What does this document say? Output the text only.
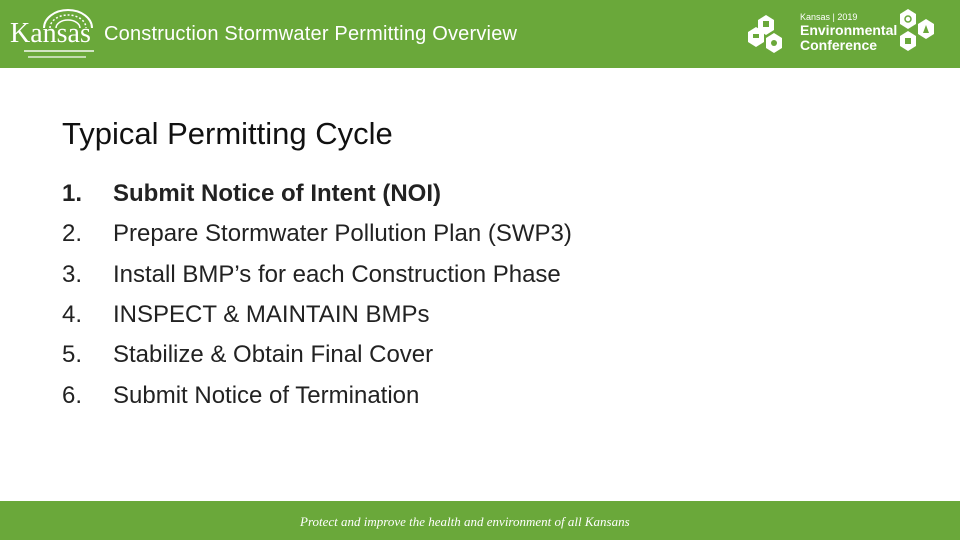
Kansas Construction Stormwater Permitting Overview
Kansas | 2019
Environmental
Conference
Typical Permitting Cycle
1.	Submit Notice of Intent (NOI)
2.	Prepare Stormwater Pollution Plan (SWP3)
3.	Install BMP’s for each Construction Phase
4.	INSPECT & MAINTAIN BMPs
5.	Stabilize & Obtain Final Cover
6.	Submit Notice of Termination
Protect and improve the health and environment of all Kansans
